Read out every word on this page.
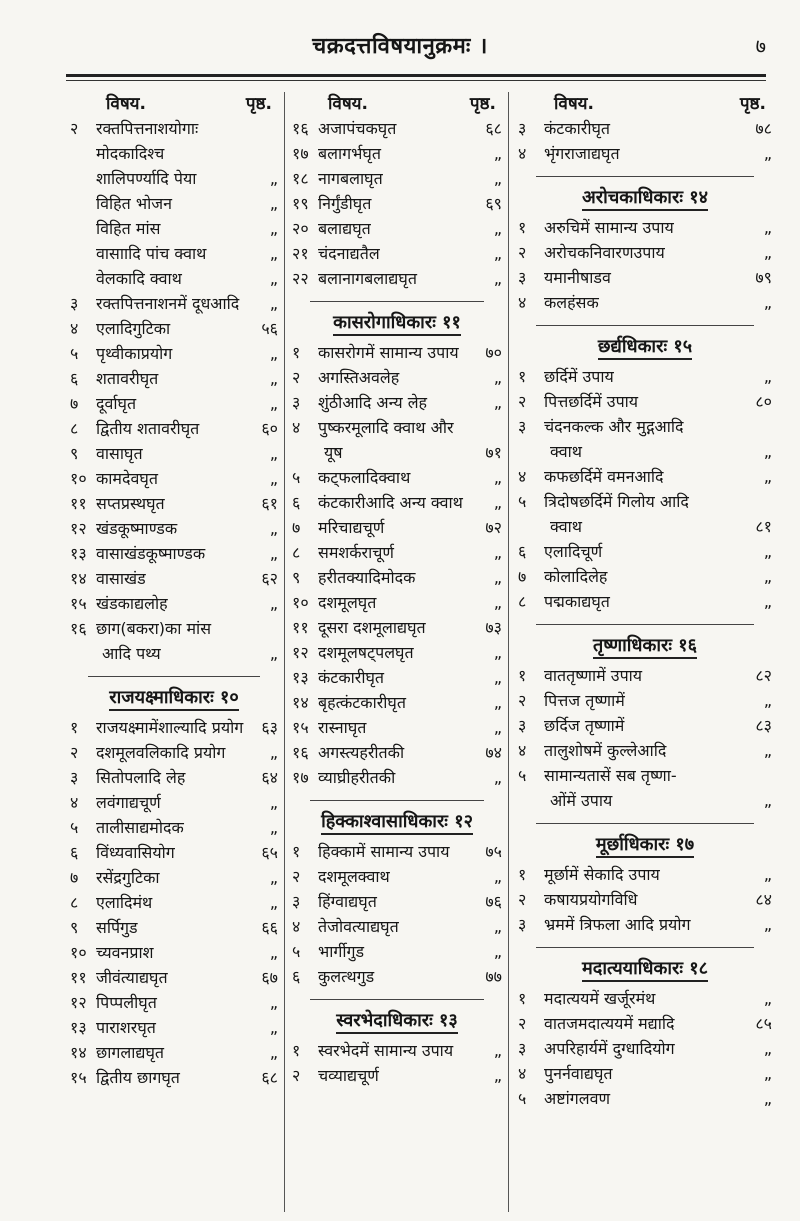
चक्रदत्तविषयानुक्रमः ।	७
विषय.	पृष्ठ.
२	रक्तपित्तनाशयोगाः मोदकादिश्च
शालिपर्ण्यादि पेया	„
विहित भोजन	„
विहित मांस	„
वासाादि पांच क्वाथ	„
वेलकादि क्वाथ	„
३	रक्तपित्तनाशनमें दूधआदि	„
४	एलादिगुटिका	५६
५	पृथ्वीकाप्रयोग	„
६	शतावरीघृत	„
७	दूर्वाघृत	„
८	द्वितीय शतावरीघृत	६०
९	वासाघृत	„
१० कामदेवघृत	„
११ सप्तप्रस्थघृत	६१
१२ खंडकूष्माण्डक	„
१३ वासाखंडकूष्माण्डक	„
१४ वासाखंड	६२
१५ खंडकाद्यलोह	„
१६ छाग(बकरा)का मांस
आदि पथ्य	„
राजयक्ष्माधिकारः १०
१	राजयक्ष्मामेंशाल्यादि प्रयोग	६३
२	दशमूलवलिकादि प्रयोग	„
३	सितोपलादि लेह	६४
४	लवंगाद्यचूर्ण	„
५	तालीसाद्यमोदक	„
६	विंध्यवासियोग	६५
७	रसेंद्रगुटिका	„
८	एलादिमंथ	„
९	सर्पिगुड	६६
१० च्यवनप्राश	„
११ जीवंत्याद्यघृत	६७
१२ पिप्पलीघृत	„
१३ पाराशरघृत	„
१४ छागलाद्यघृत	„
१५ द्वितीय छागघृत	६८
विषय.	पृष्ठ.
१६ अजापंचकघृत	६८
१७ बलागर्भघृत	„
१८ नागबलाघृत	„
१९ निर्गुंडीघृत	६९
२० बलाद्यघृत	„
२१ चंदनाद्यतैल	„
२२ बलानागबलाद्यघृत	„
कासरोगाधिकारः ११
१	कासरोगमें सामान्य उपाय	७०
२	अगस्तिअवलेह	„
३	शुंठीआदि अन्य लेह	„
४	पुष्करमूलादि क्वाथ और
यूष	७१
५	कट्फलादिक्वाथ	„
६	कंटकारीआदि अन्य क्वाथ	„
७	मरिचाद्यचूर्ण	७२
८	समशर्कराचूर्ण	„
९	हरीतक्यादिमोदक	„
१० दशमूलघृत	„
११ दूसरा दशमूलाद्यघृत	७३
१२ दशमूलषट्पलघृत	„
१३ कंटकारीघृत	„
१४ बृहत्कंटकारीघृत	„
१५ रास्नाघृत	„
१६ अगस्त्यहरीतकी	७४
१७ व्याघ्रीहरीतकी	„
हिक्काश्वासाधिकारः १२
१	हिक्कामें सामान्य उपाय	७५
२	दशमूलक्वाथ	„
३	हिंग्वाद्यघृत	७६
४	तेजोवत्याद्यघृत	„
५	भार्गीगुड	„
६	कुलत्थगुड	७७
स्वरभेदाधिकारः १३
१	स्वरभेदमें सामान्य उपाय	„
२	चव्याद्यचूर्ण	„
विषय.	पृष्ठ.
३	कंटकारीघृत	७८
४	भृंगराजाद्यघृत	„
अरोचकाधिकारः १४
१	अरुचिमें सामान्य उपाय	„
२	अरोचकनिवारणउपाय	„
३	यमानीषाडव	७९
४	कलहंसक	„
छर्द्यधिकारः १५
१	छर्दिमें उपाय	„
२	पित्तछर्दिमें उपाय	८०
३	चंदनकल्क और मुद्गआदि
क्वाथ	„
४	कफछर्दिमें वमनआदि	„
५	त्रिदोषछर्दिमें गिलोय आदि
क्वाथ	८१
६	एलादिचूर्ण	„
७	कोलादिलेह	„
८	पद्मकाद्यघृत	„
तृष्णाधिकारः १६
१	वाततृष्णामें उपाय	८२
२	पित्तज तृष्णामें	„
३	छर्दिज तृष्णामें	८३
४	तालुशोषमें कुल्लेआदि	„
५	सामान्यतासें सब तृष्णा-
ओंमें उपाय	„
मूर्छाधिकारः १७
१	मूर्छामें सेकादि उपाय	„
२	कषायप्रयोगविधि	८४
३	भ्रममें त्रिफला आदि प्रयोग	„
मदात्ययाधिकारः १८
१	मदात्ययमें खर्जूरमंथ	„
२	वातजमदात्ययमें मद्यादि	८५
३	अपरिहार्यमें दुग्धादियोग	„
४	पुनर्नवाद्यघृत	„
५	अष्टांगलवण	„
